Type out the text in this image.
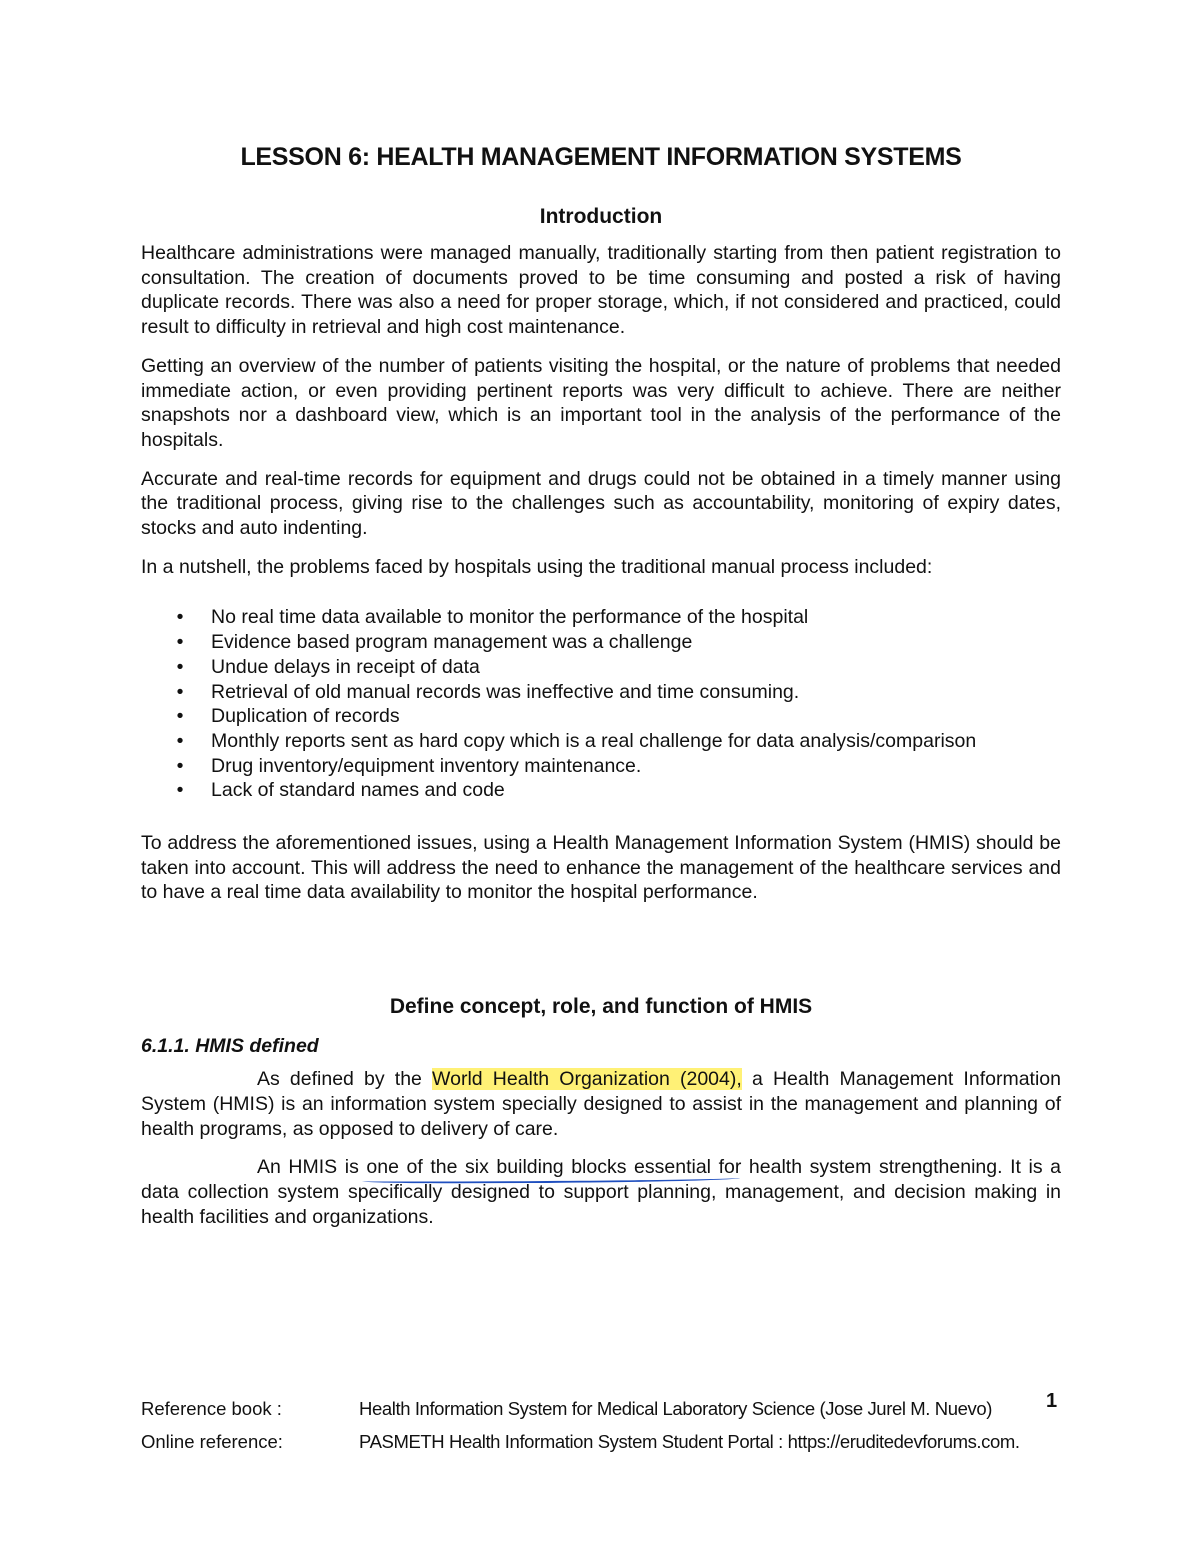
LESSON 6: HEALTH MANAGEMENT INFORMATION SYSTEMS
Introduction

Healthcare administrations were managed manually, traditionally starting from then patient registration to consultation. The creation of documents proved to be time consuming and posted a risk of having duplicate records. There was also a need for proper storage, which, if not considered and practiced, could result to difficulty in retrieval and high cost maintenance.

Getting an overview of the number of patients visiting the hospital, or the nature of problems that needed immediate action, or even providing pertinent reports was very difficult to achieve. There are neither snapshots nor a dashboard view, which is an important tool in the analysis of the performance of the hospitals.

Accurate and real-time records for equipment and drugs could not be obtained in a timely manner using the traditional process, giving rise to the challenges such as accountability, monitoring of expiry dates, stocks and auto indenting.

In a nutshell, the problems faced by hospitals using the traditional manual process included:

• No real time data available to monitor the performance of the hospital
• Evidence based program management was a challenge
• Undue delays in receipt of data
• Retrieval of old manual records was ineffective and time consuming.
• Duplication of records
• Monthly reports sent as hard copy which is a real challenge for data analysis/comparison
• Drug inventory/equipment inventory maintenance.
• Lack of standard names and code

To address the aforementioned issues, using a Health Management Information System (HMIS) should be taken into account. This will address the need to enhance the management of the healthcare services and to have a real time data availability to monitor the hospital performance.

Define concept, role, and function of HMIS
6.1.1. HMIS defined

As defined by the World Health Organization (2004), a Health Management Information System (HMIS) is an information system specially designed to assist in the management and planning of health programs, as opposed to delivery of care.

An HMIS is one of the six building blocks essential for health system strengthening. It is a data collection system specifically designed to support planning, management, and decision making in health facilities and organizations.

Reference book :	Health Information System for Medical Laboratory Science (Jose Jurel M. Nuevo)
Online reference:	PASMETH Health Information System Student Portal : https://eruditedevforums.com.
1
